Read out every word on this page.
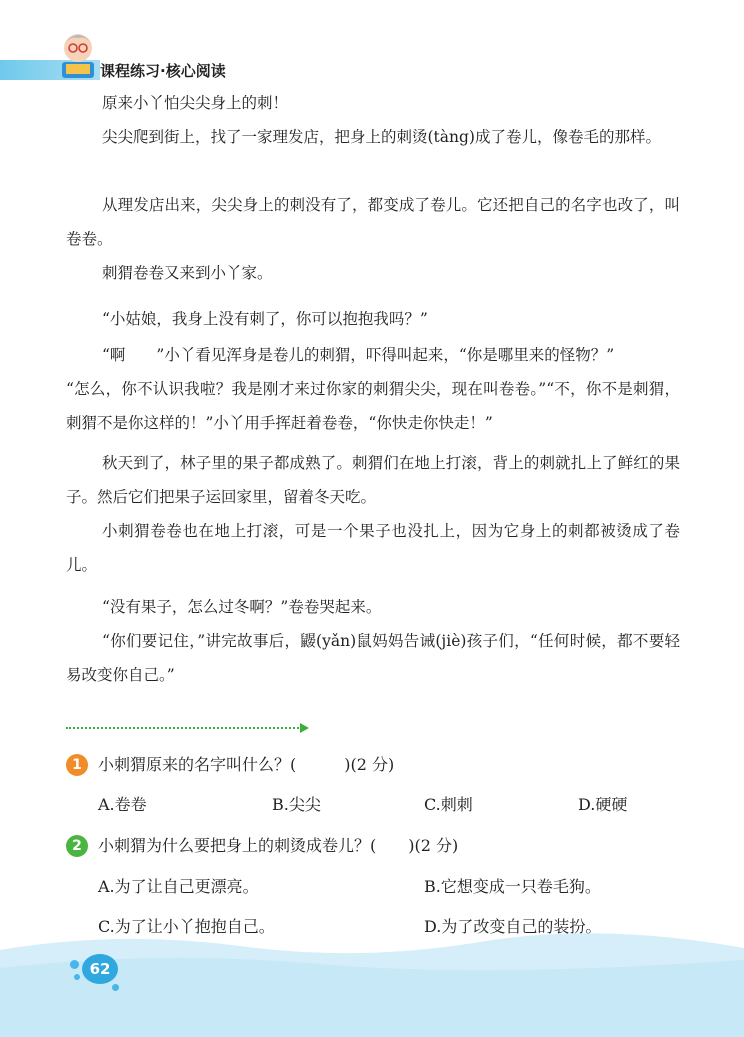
课程练习·核心阅读

原来小丫怕尖尖身上的刺！

尖尖爬到街上，找了一家理发店，把身上的刺烫(tàng)成了卷儿，像卷毛的那样。

从理发店出来，尖尖身上的刺没有了，都变成了卷儿。它还把自己的名字也改了，叫卷卷。

刺猬卷卷又来到小丫家。

“小姑娘，我身上没有刺了，你可以抱抱我吗？”

“啊　　”小丫看见浑身是卷儿的刺猬，吓得叫起来，“你是哪里来的怪物？”

“怎么，你不认识我啦？我是刚才来过你家的刺猬尖尖，现在叫卷卷。”“不，你不是刺猬，刺猬不是你这样的！”小丫用手挥赶着卷卷，“你快走你快走！”

秋天到了，林子里的果子都成熟了。刺猬们在地上打滚，背上的刺就扎上了鲜红的果子。然后它们把果子运回家里，留着冬天吃。

小刺猬卷卷也在地上打滚，可是一个果子也没扎上，因为它身上的刺都被烫成了卷儿。

“没有果子，怎么过冬啊？”卷卷哭起来。

“你们要记住，”讲完故事后，鼹(yǎn)鼠妈妈告诫(jiè)孩子们，“任何时候，都不要轻易改变你自己。”

1	小刺猬原来的名字叫什么？(　　　)(2 分)
A.卷卷	B.尖尖	C.刺刺	D.硬硬
2	小刺猬为什么要把身上的刺烫成卷儿？(　　)(2 分)
A.为了让自己更漂亮。	B.它想变成一只卷毛狗。
C.为了让小丫抱抱自己。	D.为了改变自己的装扮。
62
